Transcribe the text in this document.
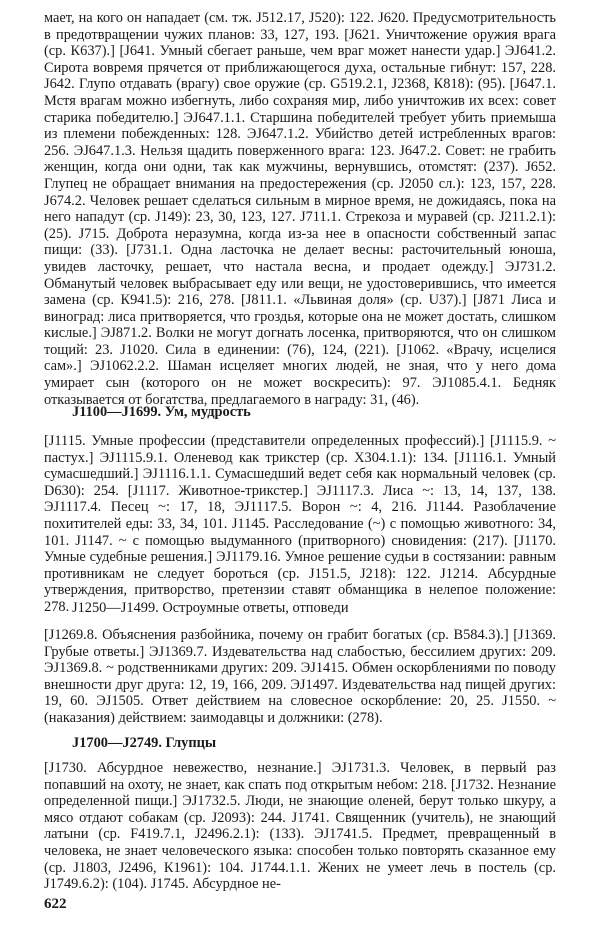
мает, на кого он нападает (см. тж. J512.17, J520): 122. J620. Предусмотрительность в предотвращении чужих планов: 33, 127, 193. [J621. Уничтожение оружия врага (ср. К637).] [J641. Умный сбегает раньше, чем враг может нанести удар.] ЭJ641.2. Сирота вовремя прячется от приближающегося духа, остальные гибнут: 157, 228. J642. Глупо отдавать (врагу) свое оружие (ср. G519.2.1, J2368, К818): (95). [J647.1. Мстя врагам можно избегнуть, либо сохраняя мир, либо уничтожив их всех: совет старика победителю.] ЭJ647.1.1. Старшина победителей требует убить приемыша из племени побежденных: 128. ЭJ647.1.2. Убийство детей истребленных врагов: 256. ЭJ647.1.3. Нельзя щадить поверженного врага: 123. J647.2. Совет: не грабить женщин, когда они одни, так как мужчины, вернувшись, отомстят: (237). J652. Глупец не обращает внимания на предостережения (ср. J2050 сл.): 123, 157, 228. J674.2. Человек решает сделаться сильным в мирное время, не дожидаясь, пока на него нападут (ср. J149): 23, 30, 123, 127. J711.1. Стрекоза и муравей (ср. J211.2.1): (25). J715. Доброта неразумна, когда из-за нее в опасности собственный запас пищи: (33). [J731.1. Одна ласточка не делает весны: расточительный юноша, увидев ласточку, решает, что настала весна, и продает одежду.] ЭJ731.2. Обманутый человек выбрасывает еду или вещи, не удостоверившись, что имеется замена (ср. К941.5): 216, 278. [J811.1. «Львиная доля» (ср. U37).] [J871 Лиса и виноград: лиса притворяется, что гроздья, которые она не может достать, слишком кислые.] ЭJ871.2. Волки не могут догнать лосенка, притворяются, что он слишком тощий: 23. J1020. Сила в единении: (76), 124, (221). [J1062. «Врачу, исцелися сам».] ЭJ1062.2.2. Шаман исцеляет многих людей, не зная, что у него дома умирает сын (которого он не может воскресить): 97. ЭJ1085.4.1. Бедняк отказывается от богатства, предлагаемого в награду: 31, (46).

J1100—J1699. Ум, мудрость

[J1115. Умные профессии (представители определенных профессий).] [J1115.9. ~ пастух.] ЭJ1115.9.1. Оленевод как трикстер (ср. X304.1.1): 134. [J1116.1. Умный сумасшедший.] ЭJ1116.1.1. Сумасшедший ведет себя как нормальный человек (ср. D630): 254. [J1117. Животное-трикстер.] ЭJ1117.3. Лиса ~: 13, 14, 137, 138. ЭJ1117.4. Песец ~: 17, 18, ЭJ1117.5. Ворон ~: 4, 216. J1144. Разоблачение похитителей еды: 33, 34, 101. J1145. Расследование (~) с помощью животного: 34, 101. J1147. ~ с помощью выдуманного (притворного) сновидения: (217). [J1170. Умные судебные решения.] ЭJ1179.16. Умное решение судьи в состязании: равным противникам не следует бороться (ср. J151.5, J218): 122. J1214. Абсурдные утверждения, притворство, претензии ставят обманщика в нелепое положение: 278. J1250—J1499. Остроумные ответы, отповеди

[J1269.8. Объяснения разбойника, почему он грабит богатых (ср. В584.3).] [J1369. Грубые ответы.] ЭJ1369.7. Издевательства над слабостью, бессилием других: 209. ЭJ1369.8. ~ родственниками других: 209. ЭJ1415. Обмен оскорблениями по поводу внешности друг друга: 12, 19, 166, 209. ЭJ1497. Издевательства над пищей других: 19, 60. ЭJ1505. Ответ действием на словесное оскорбление: 20, 25. J1550. ~ (наказания) действием: заимодавцы и должники: (278).

J1700—J2749. Глупцы

[J1730. Абсурдное невежество, незнание.] ЭJ1731.3. Человек, в первый раз попавший на охоту, не знает, как спать под открытым небом: 218. [J1732. Незнание определенной пищи.] ЭJ1732.5. Люди, не знающие оленей, берут только шкуру, а мясо отдают собакам (ср. J2093): 244. J1741. Священник (учитель), не знающий латыни (ср. F419.7.1, J2496.2.1): (133). ЭJ1741.5. Предмет, превращенный в человека, не знает человеческого языка: способен только повторять сказанное ему (ср. J1803, J2496, К1961): 104. J1744.1.1. Жених не умеет лечь в постель (ср. J1749.6.2): (104). J1745. Абсурдное не-

622
